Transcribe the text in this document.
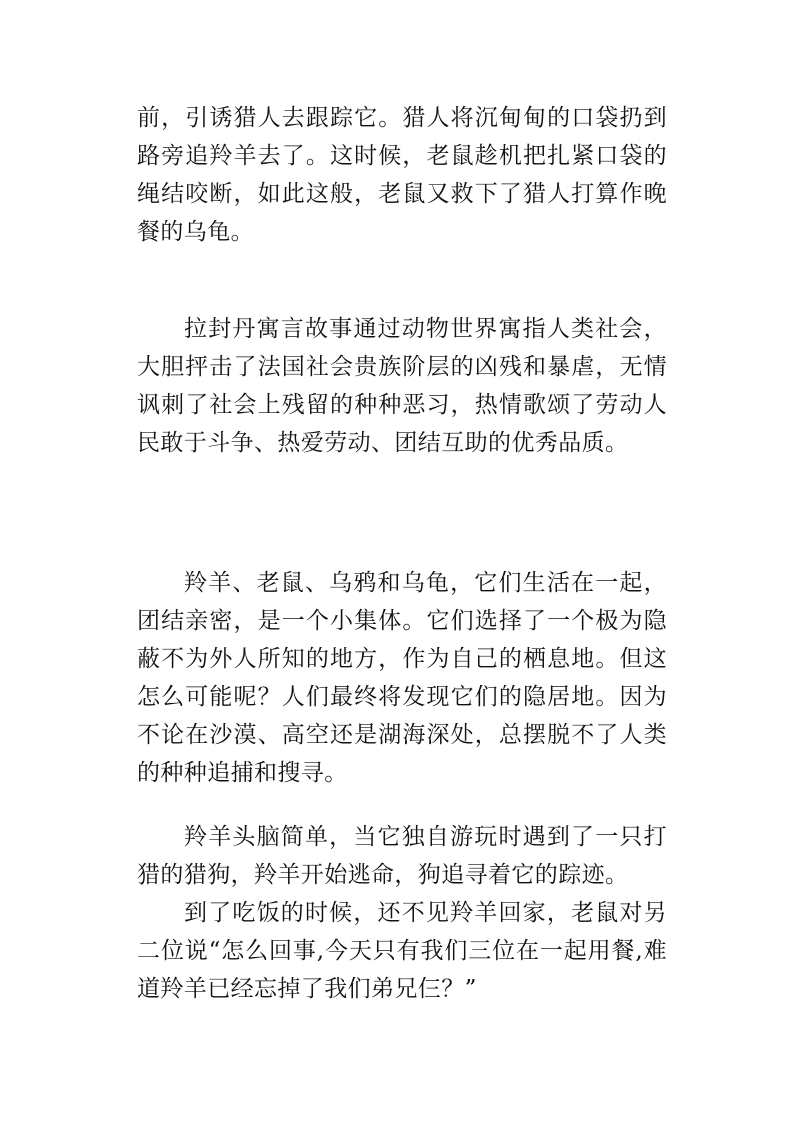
前，引诱猎人去跟踪它。猎人将沉甸甸的口袋扔到路旁追羚羊去了。这时候，老鼠趁机把扎紧口袋的绳结咬断，如此这般，老鼠又救下了猎人打算作晚餐的乌龟。

拉封丹寓言故事通过动物世界寓指人类社会，大胆抨击了法国社会贵族阶层的凶残和暴虐，无情讽刺了社会上残留的种种恶习，热情歌颂了劳动人民敢于斗争、热爱劳动、团结互助的优秀品质。

羚羊、老鼠、乌鸦和乌龟，它们生活在一起，团结亲密，是一个小集体。它们选择了一个极为隐蔽不为外人所知的地方，作为自己的栖息地。但这怎么可能呢？人们最终将发现它们的隐居地。因为不论在沙漠、高空还是湖海深处，总摆脱不了人类的种种追捕和搜寻。

羚羊头脑简单，当它独自游玩时遇到了一只打猎的猎狗，羚羊开始逃命，狗追寻着它的踪迹。

到了吃饭的时候，还不见羚羊回家，老鼠对另二位说“怎么回事,今天只有我们三位在一起用餐,难道羚羊已经忘掉了我们弟兄仨？”
